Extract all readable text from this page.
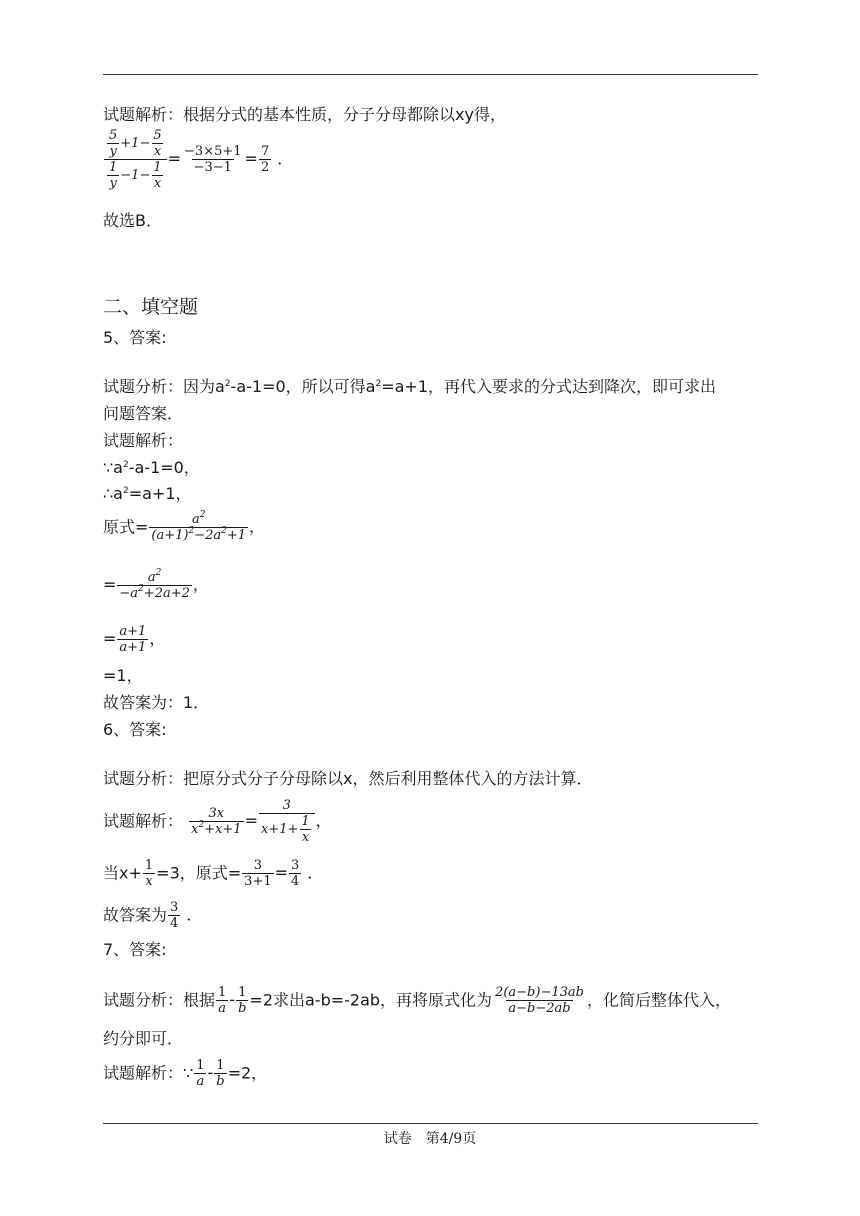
试题解析：根据分式的基本性质，分子分母都除以xy得，
$\frac{\frac{5}{y} +1- \frac{5}{x}}{\frac{1}{y} -1- \frac{1}{x}} = \frac{-3\times 5+1}{-3-1} = \frac{7}{2}$ ．
故选B．
二、填空题
5、答案:
试题分析：因为$a^2-a-1=0$，所以可得$a^2=a+1$，再代入要求的分式达到降次，即可求出
问题答案．
试题解析：
$\because a^2-a-1=0$，
$\therefore a^2=a+1$，
原式= $\frac{a^2}{(a+1)^2-2a^2+1}$ ，
= $\frac{a^2}{-a^2+2a+2}$ ，
= $\frac{a+1}{a+1}$ ，
=1，
故答案为：1．
6、答案:
试题分析：把原分式分子分母除以x，然后利用整体代入的方法计算．
试题解析： $\frac{3x}{x^2+x+1} = \frac{3}{x+1+ \frac{1}{x}}$ ，
当$x+ \frac{1}{x} =3$，原式= $\frac{3}{3+1} = \frac{3}{4}$ ．
故答案为 $\frac{3}{4}$ ．
7、答案:
试题分析：根据 $\frac{1}{a} - \frac{1}{b} =2$求出a-b=-2ab，再将原式化为 $\frac{2(a-b)-13ab}{a-b-2ab}$ ，化简后整体代入，
约分即可．
试题解析：∵ $\frac{1}{a} - \frac{1}{b} =2$，
试卷　第4/9页
